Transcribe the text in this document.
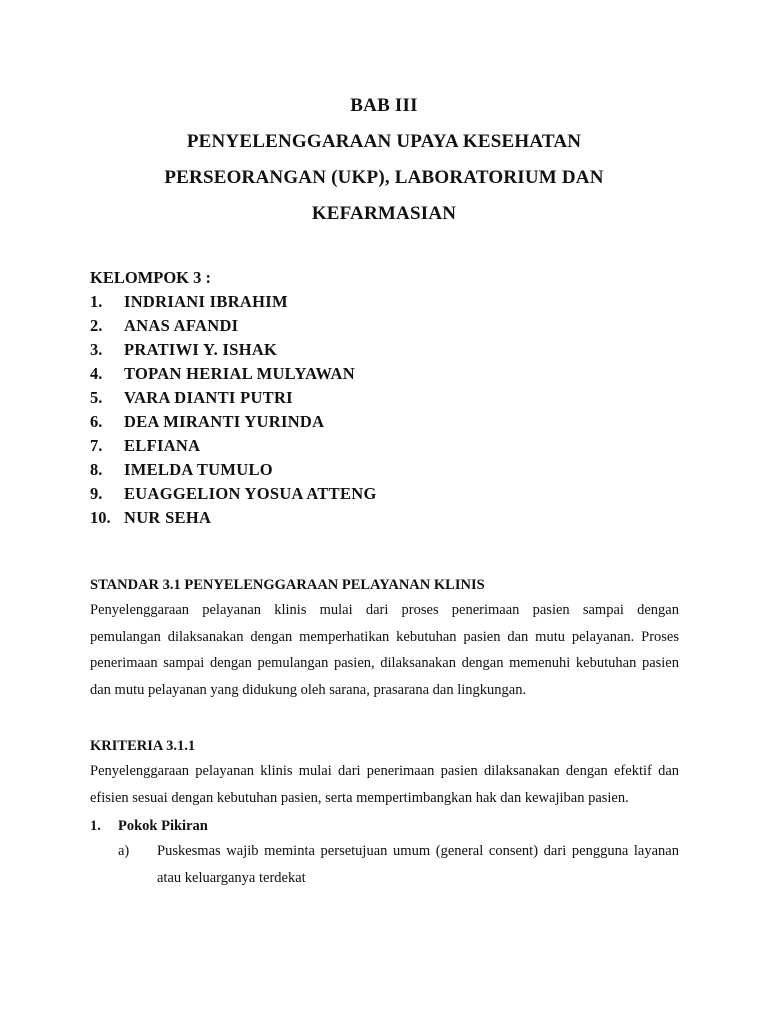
BAB III
PENYELENGGARAAN UPAYA KESEHATAN
PERSEORANGAN (UKP), LABORATORIUM DAN
KEFARMASIAN
KELOMPOK 3 :
1. INDRIANI IBRAHIM
2. ANAS AFANDI
3. PRATIWI Y. ISHAK
4. TOPAN HERIAL MULYAWAN
5. VARA DIANTI PUTRI
6. DEA MIRANTI YURINDA
7. ELFIANA
8. IMELDA TUMULO
9. EUAGGELION YOSUA ATTENG
10. NUR SEHA
STANDAR 3.1 PENYELENGGARAAN PELAYANAN KLINIS
Penyelenggaraan pelayanan klinis mulai dari proses penerimaan pasien sampai dengan
pemulangan dilaksanakan dengan memperhatikan kebutuhan pasien dan mutu pelayanan. Proses
penerimaan sampai dengan pemulangan pasien, dilaksanakan dengan memenuhi kebutuhan pasien
dan mutu pelayanan yang didukung oleh sarana, prasarana dan lingkungan.
KRITERIA 3.1.1
Penyelenggaraan pelayanan klinis mulai dari penerimaan pasien dilaksanakan dengan efektif dan
efisien sesuai dengan kebutuhan pasien, serta mempertimbangkan hak dan kewajiban pasien.
1. Pokok Pikiran
a) Puskesmas wajib meminta persetujuan umum (general consent) dari pengguna layanan
atau keluarganya terdekat
